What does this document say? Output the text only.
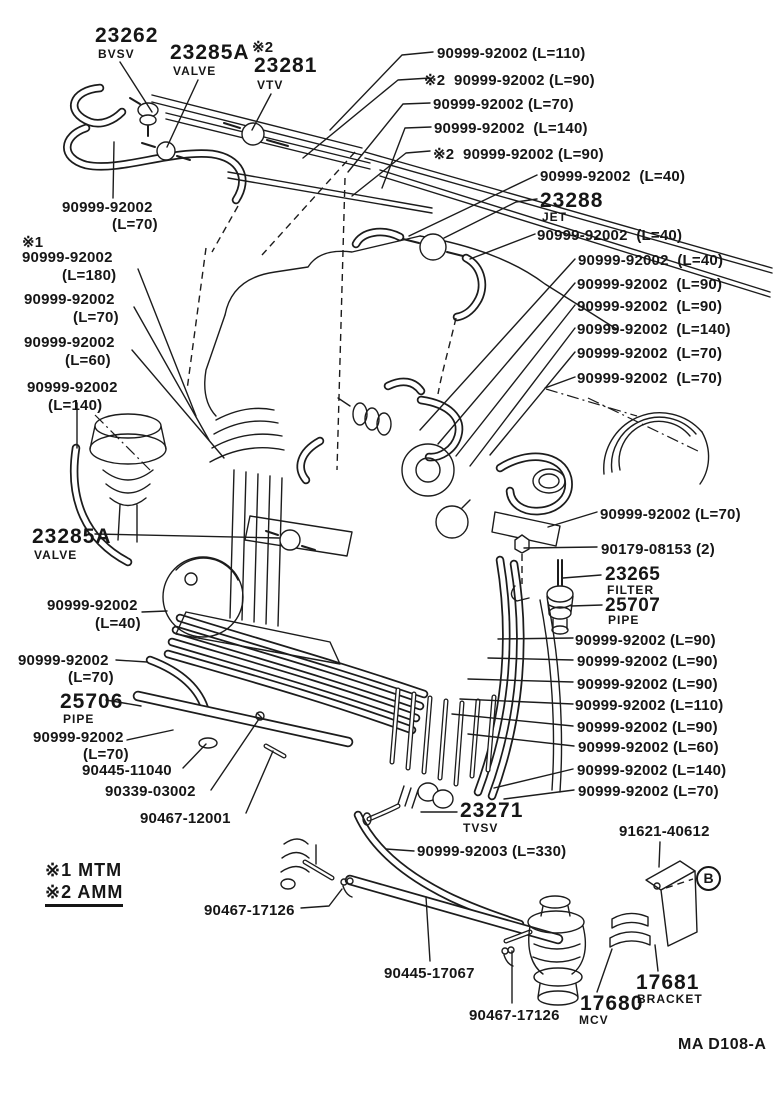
23262
BVSV 23285A
VALVE
※2
23281
VTV
90999-92002 (L=110)
※2  90999-92002 (L=90)
90999-92002 (L=70)
90999-92002  (L=140)
※2  90999-92002 (L=90)
90999-92002  (L=40)
23288
JET
90999-92002  (L=40)
90999-92002  (L=40)
90999-92002  (L=90)
90999-92002  (L=90)
90999-92002  (L=140)
90999-92002  (L=70)
90999-92002  (L=70)
90999-92002
(L=70)
※1
90999-92002
(L=180)
90999-92002
(L=70)
90999-92002
(L=60)
90999-92002
(L=140)
23285A
VALVE
90999-92002
(L=40)
90999-92002
(L=70)
25706
PIPE
90999-92002
(L=70)
90445-11040
90339-03002
90467-12001
※1 MTM
※2 AMM
90999-92002 (L=70)
90179-08153 (2)
23265
FILTER
25707
PIPE
90999-92002 (L=90)
90999-92002 (L=90)
90999-92002 (L=90)
90999-92002 (L=110)
90999-92002 (L=90)
90999-92002 (L=60)
90999-92002 (L=140)
90999-92002 (L=70)
23271
TVSV
90999-92003 (L=330)
91621-40612
90467-17126
90445-17067
90467-17126
17680
MCV
17681
BRACKET
B
MA D108-A
